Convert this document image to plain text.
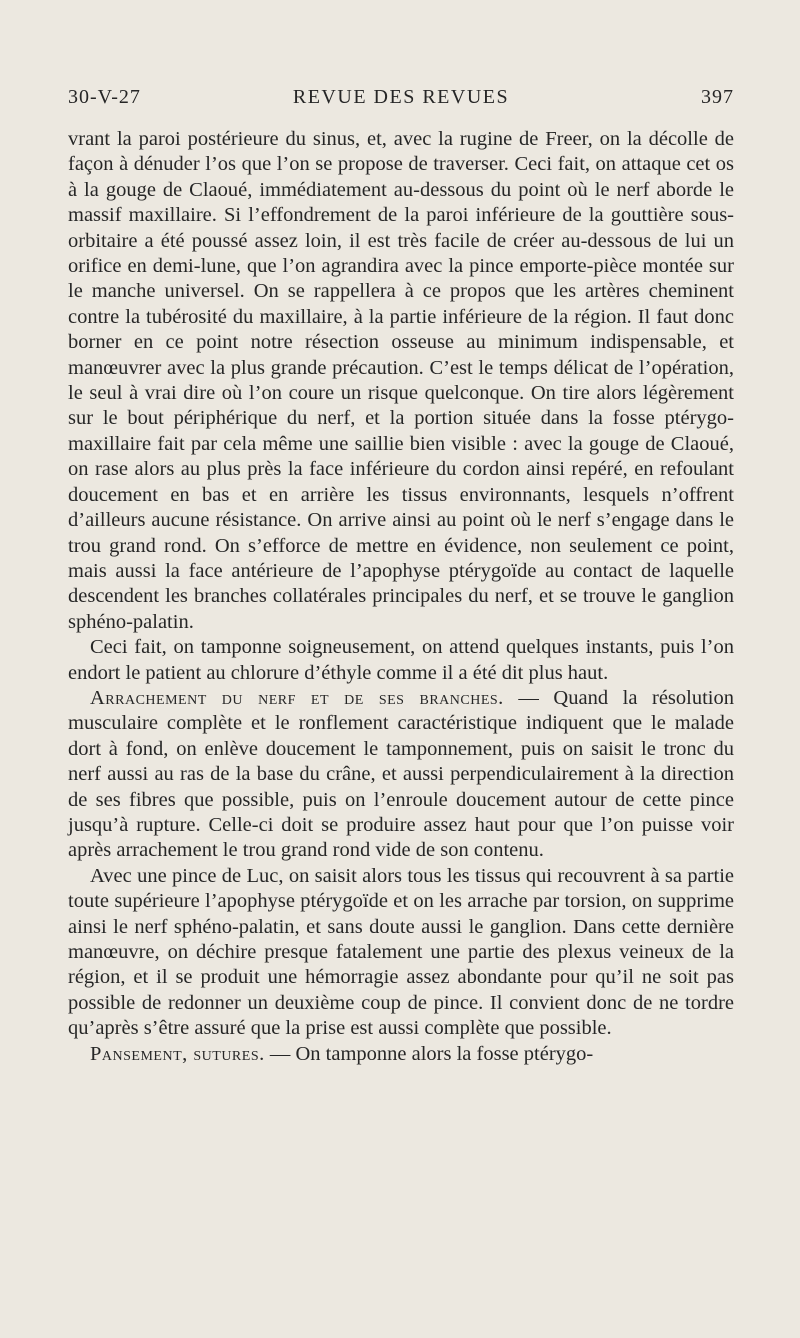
30-V-27	REVUE DES REVUES	397

vrant la paroi postérieure du sinus, et, avec la rugine de Freer, on la décolle de façon à dénuder l’os que l’on se propose de traverser. Ceci fait, on attaque cet os à la gouge de Claoué, immédiatement au-dessous du point où le nerf aborde le massif maxillaire. Si l’effondrement de la paroi inférieure de la gouttière sous-orbitaire a été poussé assez loin, il est très facile de créer au-dessous de lui un orifice en demi-lune, que l’on agrandira avec la pince emporte-pièce montée sur le manche universel. On se rappellera à ce propos que les artères cheminent contre la tubérosité du maxillaire, à la partie inférieure de la région. Il faut donc borner en ce point notre résection osseuse au minimum indispensable, et manœuvrer avec la plus grande précaution. C’est le temps délicat de l’opération, le seul à vrai dire où l’on coure un risque quelconque. On tire alors légèrement sur le bout périphérique du nerf, et la portion située dans la fosse ptérygo-maxillaire fait par cela même une saillie bien visible : avec la gouge de Claoué, on rase alors au plus près la face inférieure du cordon ainsi repéré, en refoulant doucement en bas et en arrière les tissus environnants, lesquels n’offrent d’ailleurs aucune résistance. On arrive ainsi au point où le nerf s’engage dans le trou grand rond. On s’efforce de mettre en évidence, non seulement ce point, mais aussi la face antérieure de l’apophyse ptérygoïde au contact de laquelle descendent les branches collatérales principales du nerf, et se trouve le ganglion sphéno-palatin.

Ceci fait, on tamponne soigneusement, on attend quelques instants, puis l’on endort le patient au chlorure d’éthyle comme il a été dit plus haut.

Arrachement du nerf et de ses branches. — Quand la résolution musculaire complète et le ronflement caractéristique indiquent que le malade dort à fond, on enlève doucement le tamponnement, puis on saisit le tronc du nerf aussi au ras de la base du crâne, et aussi perpendiculairement à la direction de ses fibres que possible, puis on l’enroule doucement autour de cette pince jusqu’à rupture. Celle-ci doit se produire assez haut pour que l’on puisse voir après arrachement le trou grand rond vide de son contenu.

Avec une pince de Luc, on saisit alors tous les tissus qui recouvrent à sa partie toute supérieure l’apophyse ptérygoïde et on les arrache par torsion, on supprime ainsi le nerf sphéno-palatin, et sans doute aussi le ganglion. Dans cette dernière manœuvre, on déchire presque fatalement une partie des plexus veineux de la région, et il se produit une hémorragie assez abondante pour qu’il ne soit pas possible de redonner un deuxième coup de pince. Il convient donc de ne tordre qu’après s’être assuré que la prise est aussi complète que possible.

Pansement, sutures. — On tamponne alors la fosse ptérygo-
